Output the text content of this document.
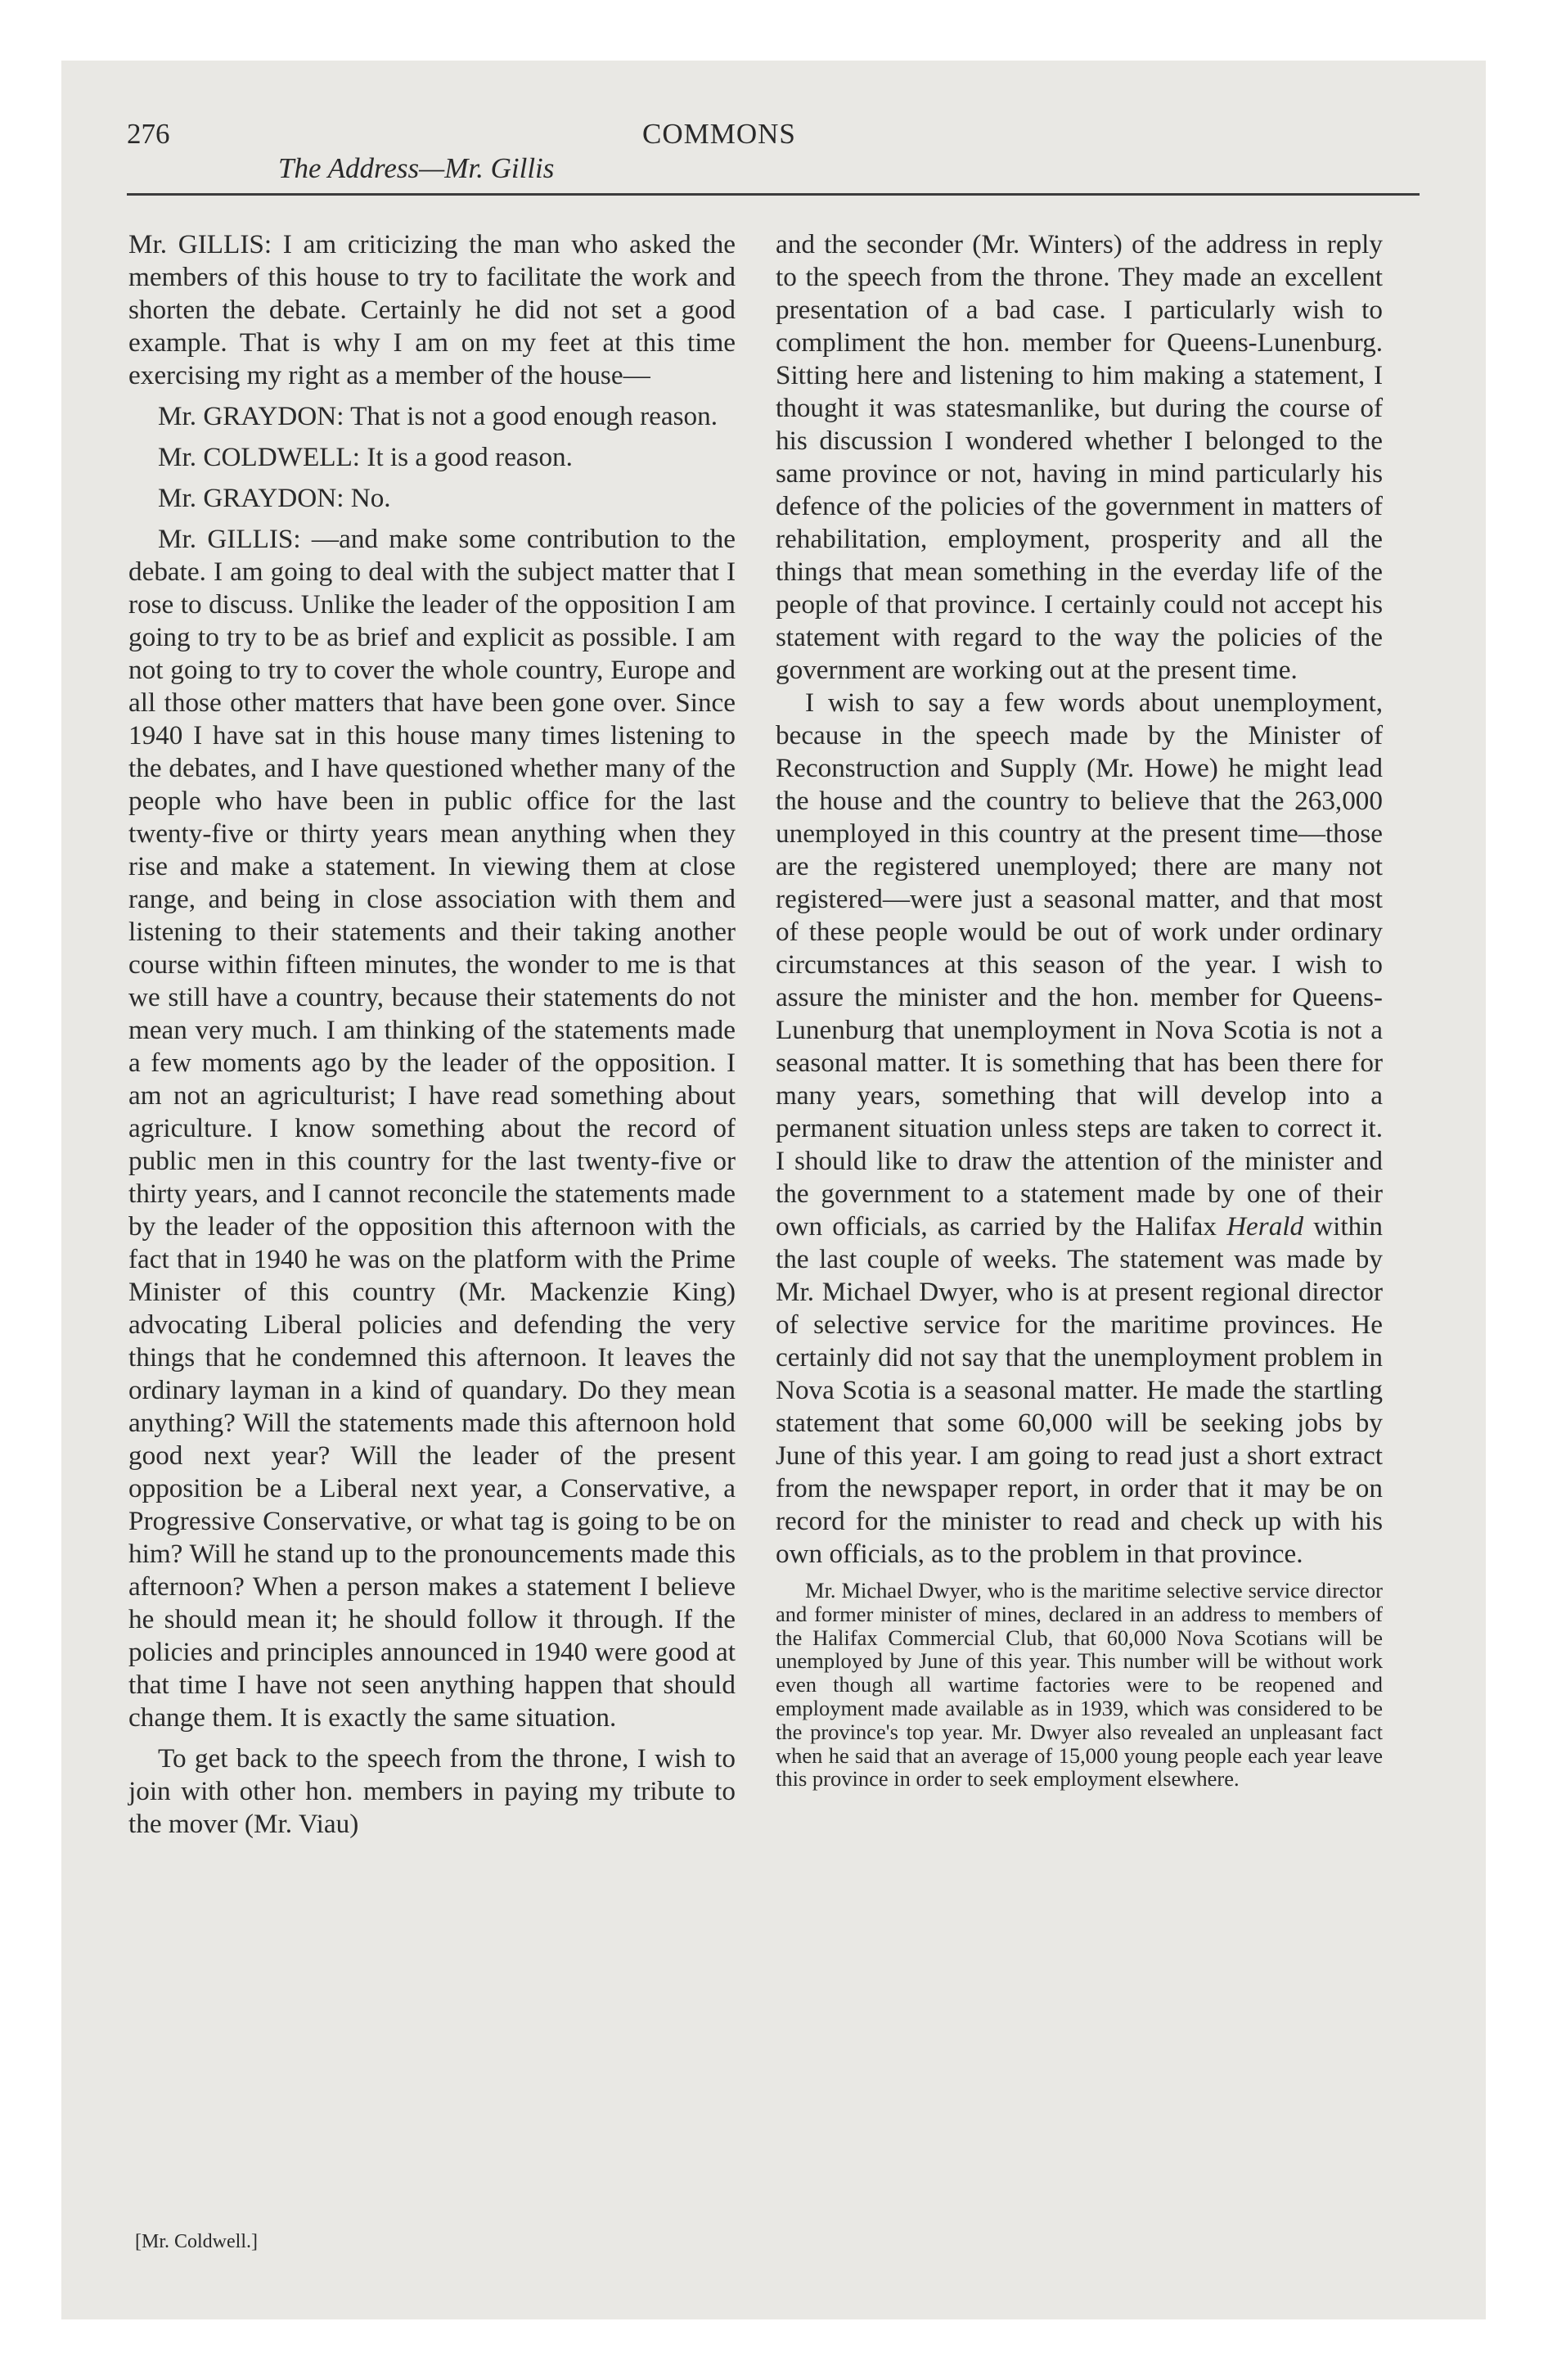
276	COMMONS
The Address—Mr. Gillis

Mr. GILLIS: I am criticizing the man who asked the members of this house to try to facilitate the work and shorten the debate. Certainly he did not set a good example. That is why I am on my feet at this time exercising my right as a member of the house—

Mr. GRAYDON: That is not a good enough reason.

Mr. COLDWELL: It is a good reason.

Mr. GRAYDON: No.

Mr. GILLIS: —and make some contribution to the debate. I am going to deal with the subject matter that I rose to discuss. Unlike the leader of the opposition I am going to try to be as brief and explicit as possible. I am not going to try to cover the whole country, Europe and all those other matters that have been gone over. Since 1940 I have sat in this house many times listening to the debates, and I have questioned whether many of the people who have been in public office for the last twenty-five or thirty years mean anything when they rise and make a statement. In viewing them at close range, and being in close association with them and listening to their statements and their taking another course within fifteen minutes, the wonder to me is that we still have a country, because their statements do not mean very much. I am thinking of the statements made a few moments ago by the leader of the opposition. I am not an agriculturist; I have read something about agriculture. I know something about the record of public men in this country for the last twenty-five or thirty years, and I cannot reconcile the statements made by the leader of the opposition this afternoon with the fact that in 1940 he was on the platform with the Prime Minister of this country (Mr. Mackenzie King) advocating Liberal policies and defending the very things that he condemned this afternoon. It leaves the ordinary layman in a kind of quandary. Do they mean anything? Will the statements made this afternoon hold good next year? Will the leader of the present opposition be a Liberal next year, a Conservative, a Progressive Conservative, or what tag is going to be on him? Will he stand up to the pronouncements made this afternoon? When a person makes a statement I believe he should mean it; he should follow it through. If the policies and principles announced in 1940 were good at that time I have not seen anything happen that should change them. It is exactly the same situation.

To get back to the speech from the throne, I wish to join with other hon. members in paying my tribute to the mover (Mr. Viau)

and the seconder (Mr. Winters) of the address in reply to the speech from the throne. They made an excellent presentation of a bad case. I particularly wish to compliment the hon. member for Queens-Lunenburg. Sitting here and listening to him making a statement, I thought it was statesmanlike, but during the course of his discussion I wondered whether I belonged to the same province or not, having in mind particularly his defence of the policies of the government in matters of rehabilitation, employment, prosperity and all the things that mean something in the everday life of the people of that province. I certainly could not accept his statement with regard to the way the policies of the government are working out at the present time.

I wish to say a few words about unemployment, because in the speech made by the Minister of Reconstruction and Supply (Mr. Howe) he might lead the house and the country to believe that the 263,000 unemployed in this country at the present time—those are the registered unemployed; there are many not registered—were just a seasonal matter, and that most of these people would be out of work under ordinary circumstances at this season of the year. I wish to assure the minister and the hon. member for Queens-Lunenburg that unemployment in Nova Scotia is not a seasonal matter. It is something that has been there for many years, something that will develop into a permanent situation unless steps are taken to correct it. I should like to draw the attention of the minister and the government to a statement made by one of their own officials, as carried by the Halifax Herald within the last couple of weeks. The statement was made by Mr. Michael Dwyer, who is at present regional director of selective service for the maritime provinces. He certainly did not say that the unemployment problem in Nova Scotia is a seasonal matter. He made the startling statement that some 60,000 will be seeking jobs by June of this year. I am going to read just a short extract from the newspaper report, in order that it may be on record for the minister to read and check up with his own officials, as to the problem in that province.

Mr. Michael Dwyer, who is the maritime selective service director and former minister of mines, declared in an address to members of the Halifax Commercial Club, that 60,000 Nova Scotians will be unemployed by June of this year. This number will be without work even though all wartime factories were to be reopened and employment made available as in 1939, which was considered to be the province's top year. Mr. Dwyer also revealed an unpleasant fact when he said that an average of 15,000 young people each year leave this province in order to seek employment elsewhere.

[Mr. Coldwell.]
